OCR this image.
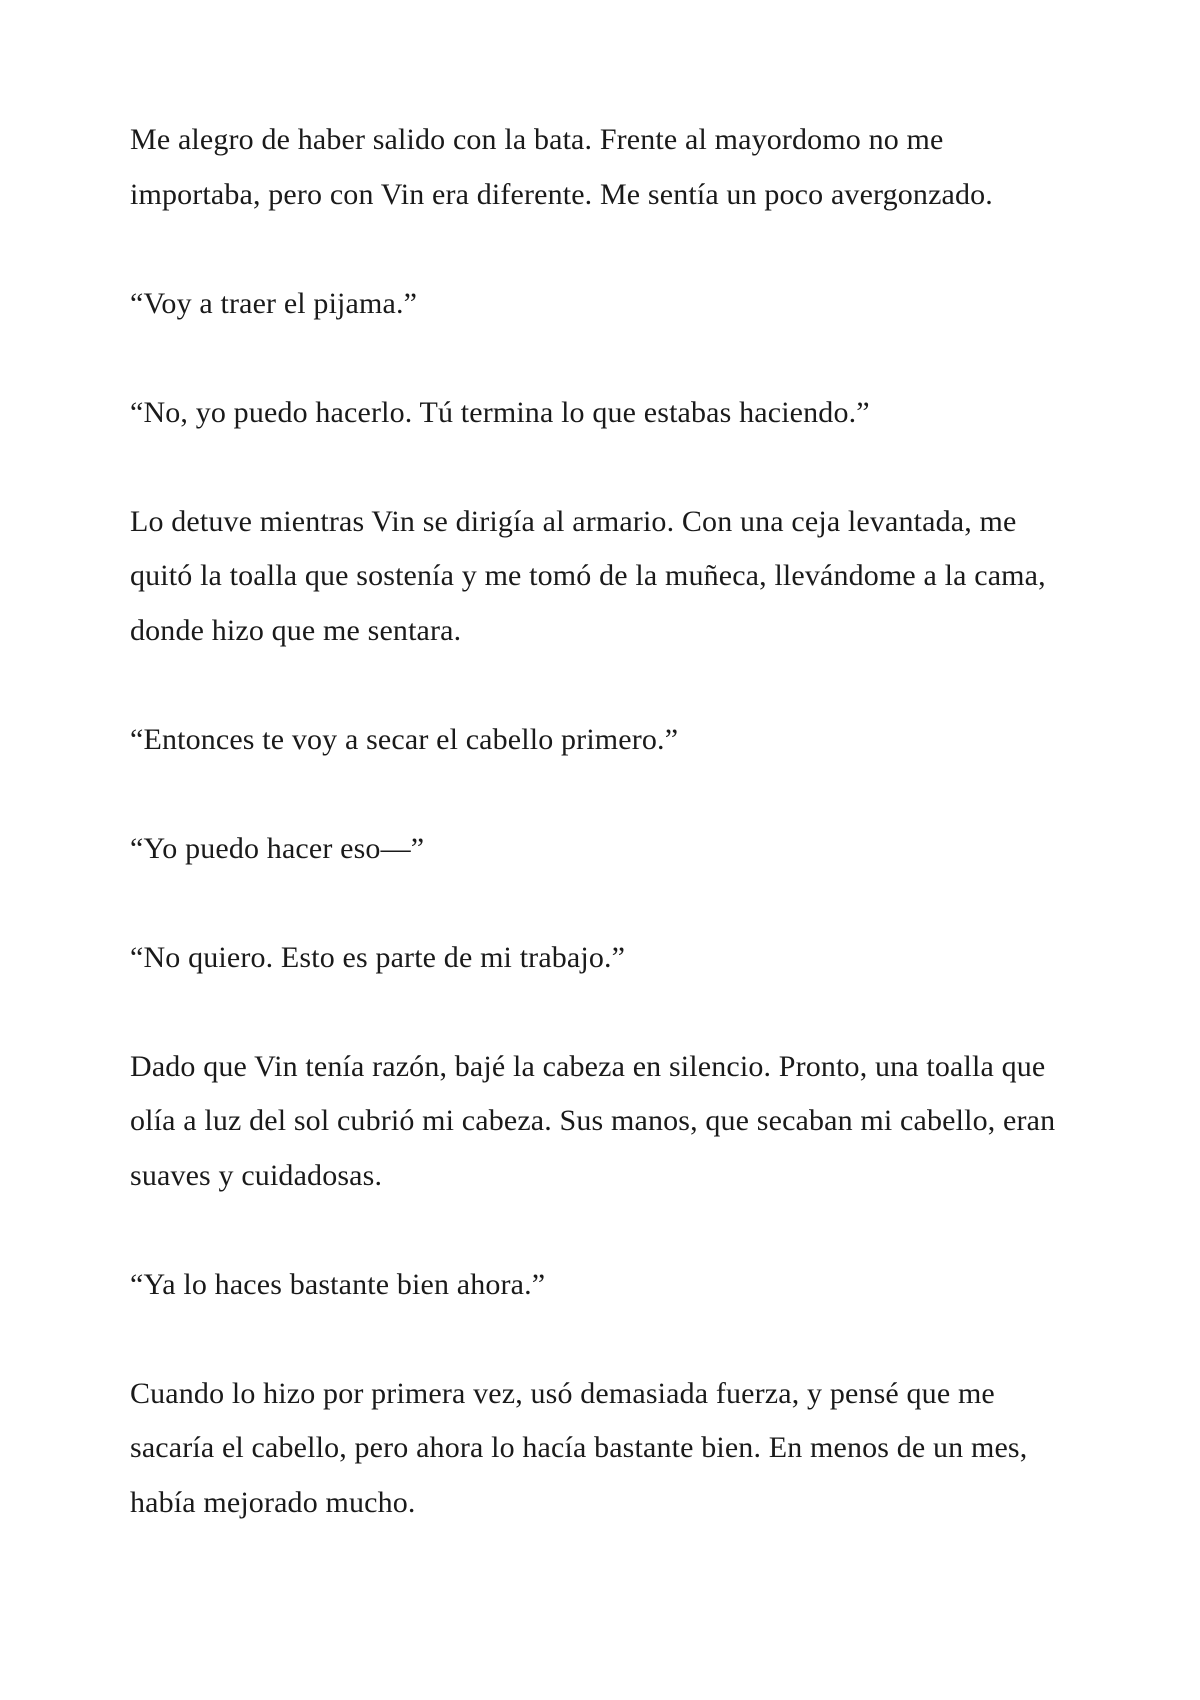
Me alegro de haber salido con la bata. Frente al mayordomo no me importaba, pero con Vin era diferente. Me sentía un poco avergonzado.

“Voy a traer el pijama.”

“No, yo puedo hacerlo. Tú termina lo que estabas haciendo.”

Lo detuve mientras Vin se dirigía al armario. Con una ceja levantada, me quitó la toalla que sostenía y me tomó de la muñeca, llevándome a la cama, donde hizo que me sentara.

“Entonces te voy a secar el cabello primero.”

“Yo puedo hacer eso—”

“No quiero. Esto es parte de mi trabajo.”

Dado que Vin tenía razón, bajé la cabeza en silencio. Pronto, una toalla que olía a luz del sol cubrió mi cabeza. Sus manos, que secaban mi cabello, eran suaves y cuidadosas.

“Ya lo haces bastante bien ahora.”

Cuando lo hizo por primera vez, usó demasiada fuerza, y pensé que me sacaría el cabello, pero ahora lo hacía bastante bien. En menos de un mes, había mejorado mucho.
